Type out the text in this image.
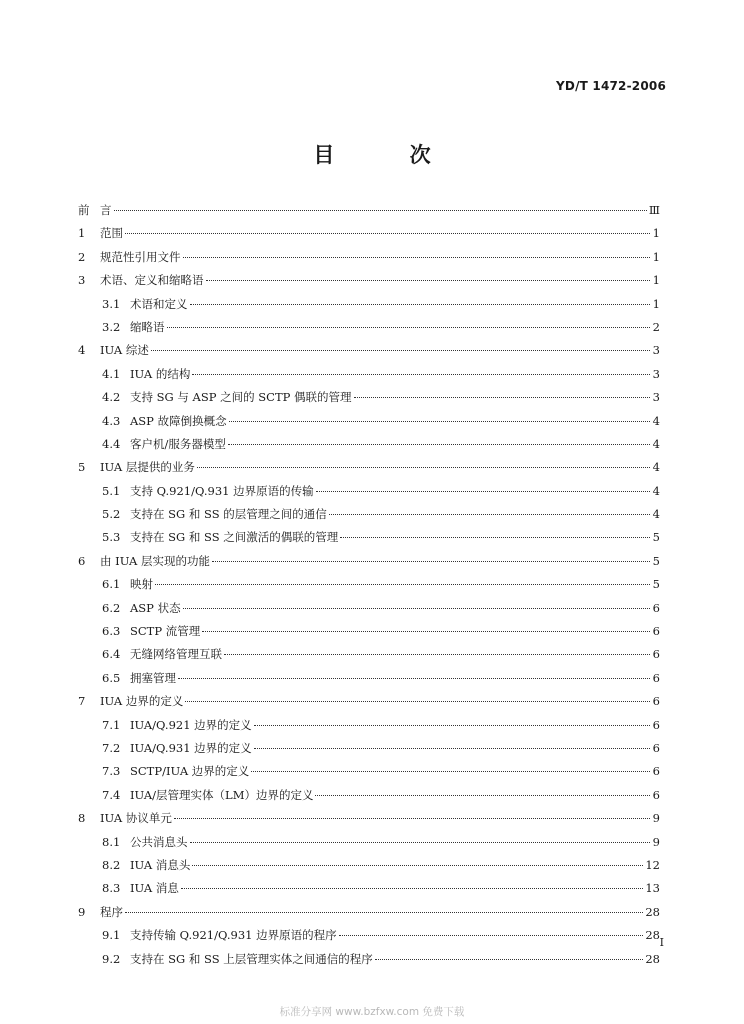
YD/T 1472-2006
目 次
前 言	Ⅲ
1	范围	1
2	规范性引用文件	1
3	术语、定义和缩略语	1
3.1 术语和定义	1
3.2 缩略语	2
4	IUA 综述	3
4.1 IUA 的结构	3
4.2 支持 SG 与 ASP 之间的 SCTP 偶联的管理	3
4.3 ASP 故障倒换概念	4
4.4 客户机/服务器模型	4
5	IUA 层提供的业务	4
5.1 支持 Q.921/Q.931 边界原语的传输	4
5.2 支持在 SG 和 SS 的层管理之间的通信	4
5.3 支持在 SG 和 SS 之间激活的偶联的管理	5
6	由 IUA 层实现的功能	5
6.1 映射	5
6.2 ASP 状态	6
6.3 SCTP 流管理	6
6.4 无缝网络管理互联	6
6.5 拥塞管理	6
7	IUA 边界的定义	6
7.1 IUA/Q.921 边界的定义	6
7.2 IUA/Q.931 边界的定义	6
7.3 SCTP/IUA 边界的定义	6
7.4 IUA/层管理实体（LM）边界的定义	6
8	IUA 协议单元	9
8.1 公共消息头	9
8.2 IUA 消息头	12
8.3 IUA 消息	13
9	程序	28
9.1 支持传输 Q.921/Q.931 边界原语的程序	28
9.2 支持在 SG 和 SS 上层管理实体之间通信的程序	28
I
标准分享网 www.bzfxw.com 免费下载
